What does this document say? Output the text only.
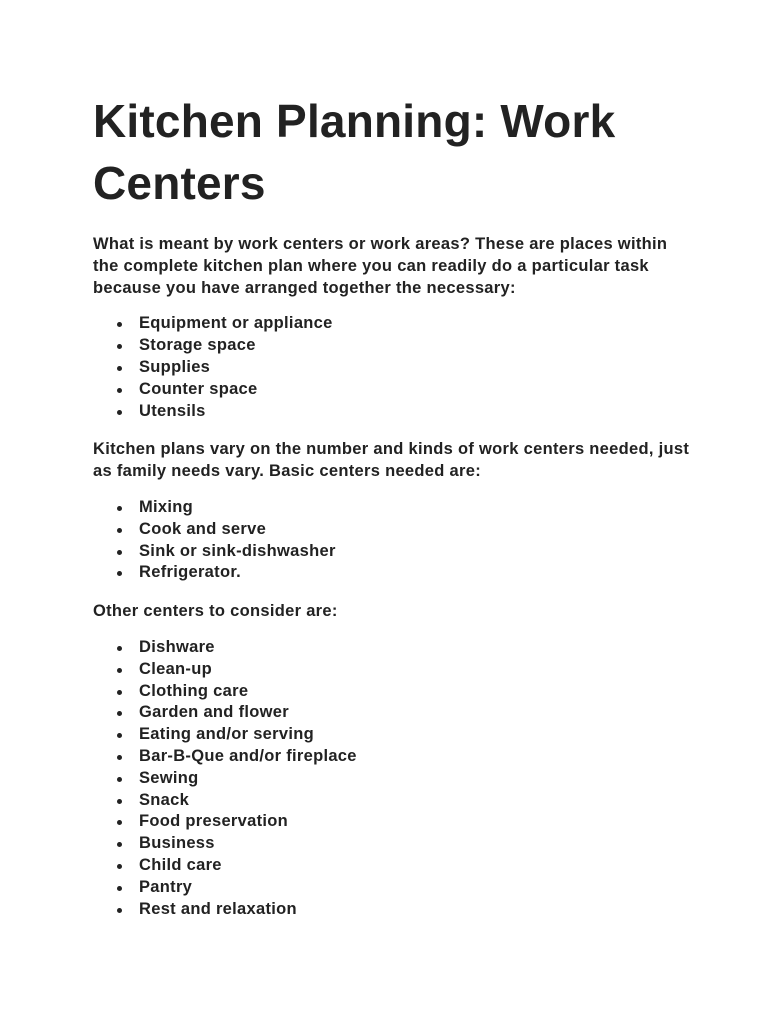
Kitchen Planning: Work Centers

What is meant by work centers or work areas? These are places within the complete kitchen plan where you can readily do a particular task because you have arranged together the necessary:

Equipment or appliance
Storage space
Supplies
Counter space
Utensils

Kitchen plans vary on the number and kinds of work centers needed, just as family needs vary. Basic centers needed are:

Mixing
Cook and serve
Sink or sink-dishwasher
Refrigerator.

Other centers to consider are:

Dishware
Clean-up
Clothing care
Garden and flower
Eating and/or serving
Bar-B-Que and/or fireplace
Sewing
Snack
Food preservation
Business
Child care
Pantry
Rest and relaxation
